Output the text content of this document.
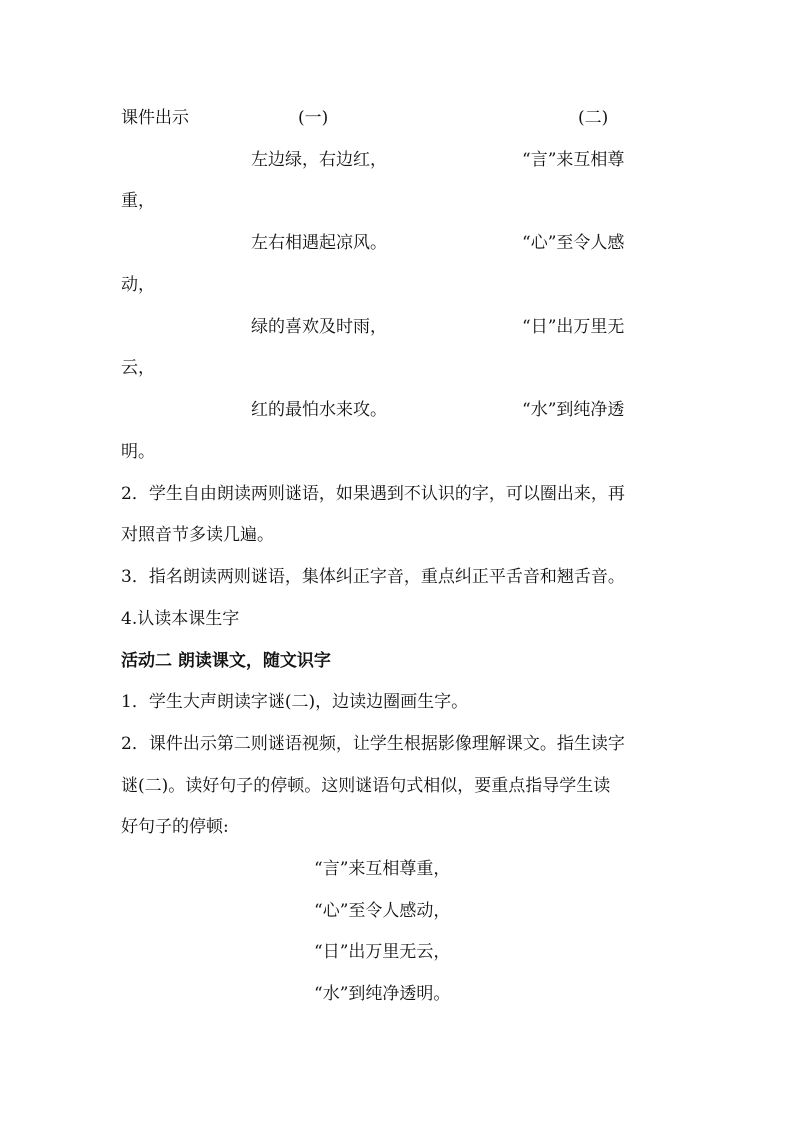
课件出示	(一)	(二)
左边绿，右边红，
左右相遇起凉风。
绿的喜欢及时雨，
红的最怕水来攻。
“言”来互相尊
重，
“心”至令人感
动，
“日”出万里无
云，
“水”到纯净透
明。
2．学生自由朗读两则谜语，如果遇到不认识的字，可以圈出来，再
对照音节多读几遍。
3．指名朗读两则谜语，集体纠正字音，重点纠正平舌音和翘舌音。
4.认读本课生字
活动二 朗读课文，随文识字
1．学生大声朗读字谜(二)，边读边圈画生字。
2．课件出示第二则谜语视频，让学生根据影像理解课文。指生读字
谜(二)。读好句子的停顿。这则谜语句式相似，要重点指导学生读
好句子的停顿:
“言”来互相尊重，
“心”至令人感动，
“日”出万里无云，
“水”到纯净透明。
